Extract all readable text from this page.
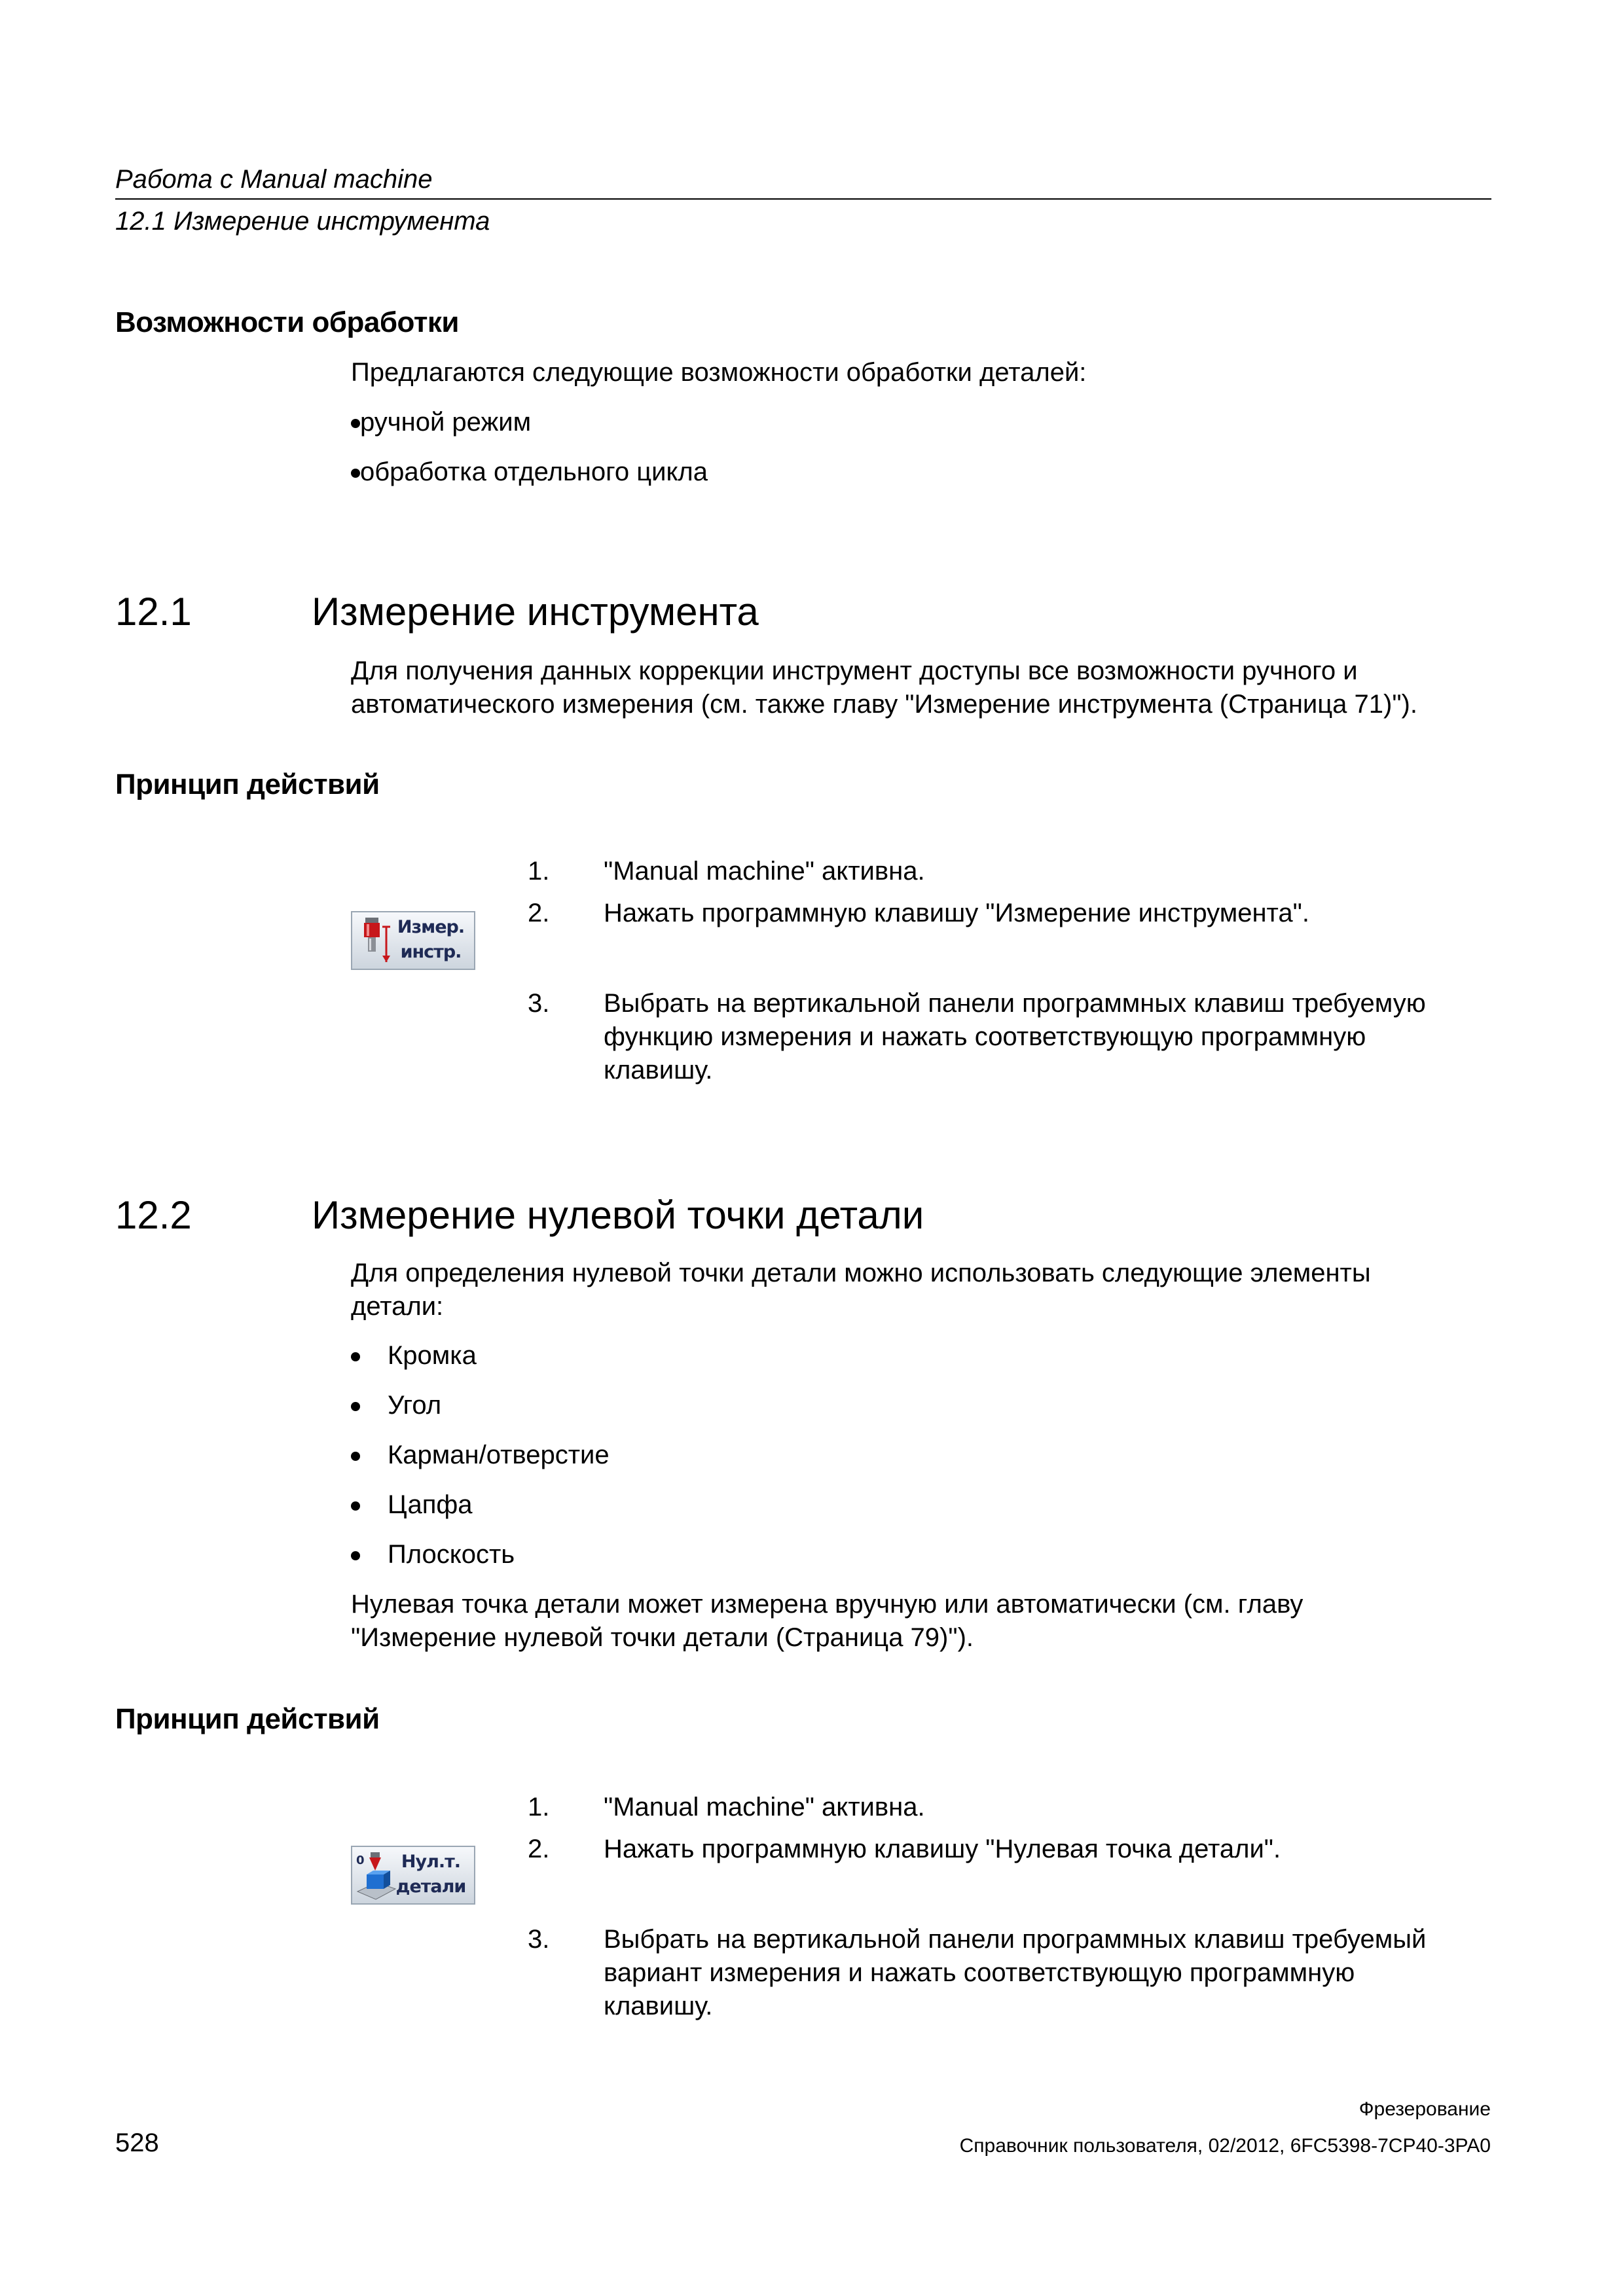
Работа с Manual machine
12.1 Измерение инструмента
Возможности обработки
Предлагаются следующие возможности обработки деталей:
ручной режим
обработка отдельного цикла
12.1	Измерение инструмента
Для получения данных коррекции инструмент доступы все возможности ручного и
автоматического измерения (см. также главу "Измерение инструмента (Страница 71)").
Принцип действий
Измер.
инстр.
1. "Manual machine" активна.
2. Нажать программную клавишу "Измерение инструмента".
3. Выбрать на вертикальной панели программных клавиш требуемую
функцию измерения и нажать соответствующую программную
клавишу.
12.2	Измерение нулевой точки детали
Для определения нулевой точки детали можно использовать следующие элементы
детали:
Кромка
Угол
Карман/отверстие
Цапфа
Плоскость
Нулевая точка детали может измерена вручную или автоматически (см. главу
"Измерение нулевой точки детали (Страница 79)").
Принцип действий
0	Нул.т.
детали
1. "Manual machine" активна.
2. Нажать программную клавишу "Нулевая точка детали".
3. Выбрать на вертикальной панели программных клавиш требуемый
вариант измерения и нажать соответствующую программную
клавишу.
Фрезерование
528	Справочник пользователя, 02/2012, 6FC5398-7CP40-3PA0
